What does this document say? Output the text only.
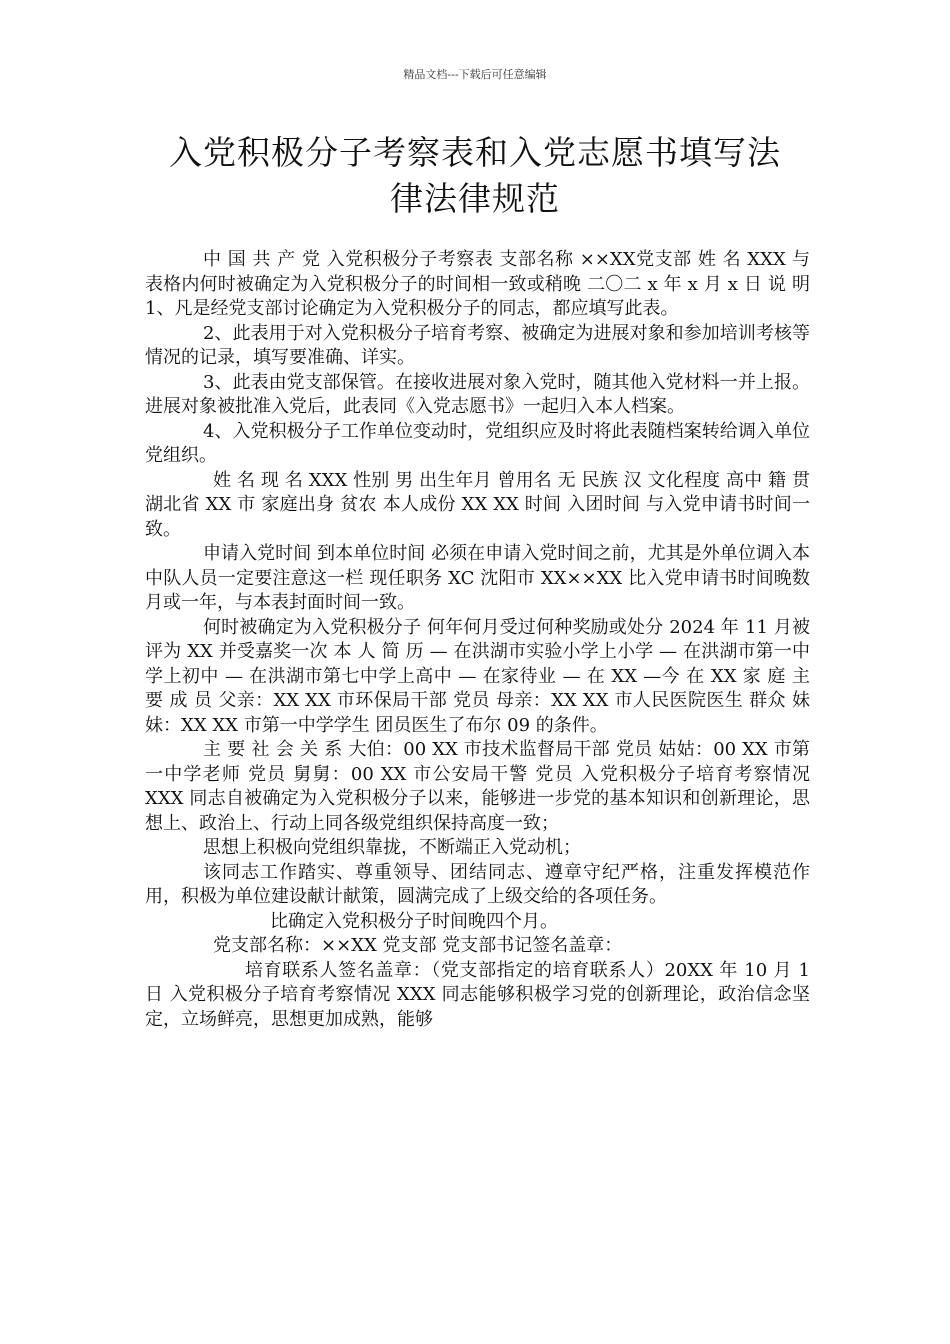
精品文档---下载后可任意编辑
入党积极分子考察表和入党志愿书填写法
律法律规范

中 国 共 产 党 入党积极分子考察表 支部名称 ××XX党支部 姓 名 XXX 与表格内何时被确定为入党积极分子的时间相一致或稍晚 二〇二 x 年 x 月 x 日 说 明 1、凡是经党支部讨论确定为入党积极分子的同志，都应填写此表。

2、此表用于对入党积极分子培育考察、被确定为进展对象和参加培训考核等情况的记录，填写要准确、详实。

3、此表由党支部保管。在接收进展对象入党时，随其他入党材料一并上报。进展对象被批准入党后，此表同《入党志愿书》一起归入本人档案。

4、入党积极分子工作单位变动时，党组织应及时将此表随档案转给调入单位党组织。

姓 名 现 名 XXX 性别 男 出生年月 曾用名 无 民族 汉 文化程度 高中 籍 贯 湖北省 XX 市 家庭出身 贫农 本人成份 XX XX 时间 入团时间 与入党申请书时间一致。

申请入党时间 到本单位时间 必须在申请入党时间之前，尤其是外单位调入本中队人员一定要注意这一栏 现任职务 XC 沈阳市 XX××XX 比入党申请书时间晚数月或一年，与本表封面时间一致。

何时被确定为入党积极分子 何年何月受过何种奖励或处分 2024 年 11 月被评为 XX 并受嘉奖一次 本 人 简 历 — 在洪湖市实验小学上小学 — 在洪湖市第一中学上初中 — 在洪湖市第七中学上高中 — 在家待业 — 在 XX —今 在 XX 家 庭 主 要 成 员 父亲：XX XX 市环保局干部 党员 母亲：XX XX 市人民医院医生 群众 妹妹：XX XX 市第一中学学生 团员医生了布尔 09 的条件。

主 要 社 会 关 系 大伯：00 XX 市技术监督局干部 党员 姑姑：00 XX 市第一中学老师 党员 舅舅：00 XX 市公安局干警 党员 入党积极分子培育考察情况 XXX 同志自被确定为入党积极分子以来，能够进一步党的基本知识和创新理论，思想上、政治上、行动上同各级党组织保持高度一致；

思想上积极向党组织靠拢，不断端正入党动机；

该同志工作踏实、尊重领导、团结同志、遵章守纪严格，注重发挥模范作用，积极为单位建设献计献策，圆满完成了上级交给的各项任务。

比确定入党积极分子时间晚四个月。

党支部名称：××XX 党支部 党支部书记签名盖章：

培育联系人签名盖章：（党支部指定的培育联系人）20XX 年 10 月 1 日 入党积极分子培育考察情况 XXX 同志能够积极学习党的创新理论，政治信念坚定，立场鲜亮，思想更加成熟，能够
